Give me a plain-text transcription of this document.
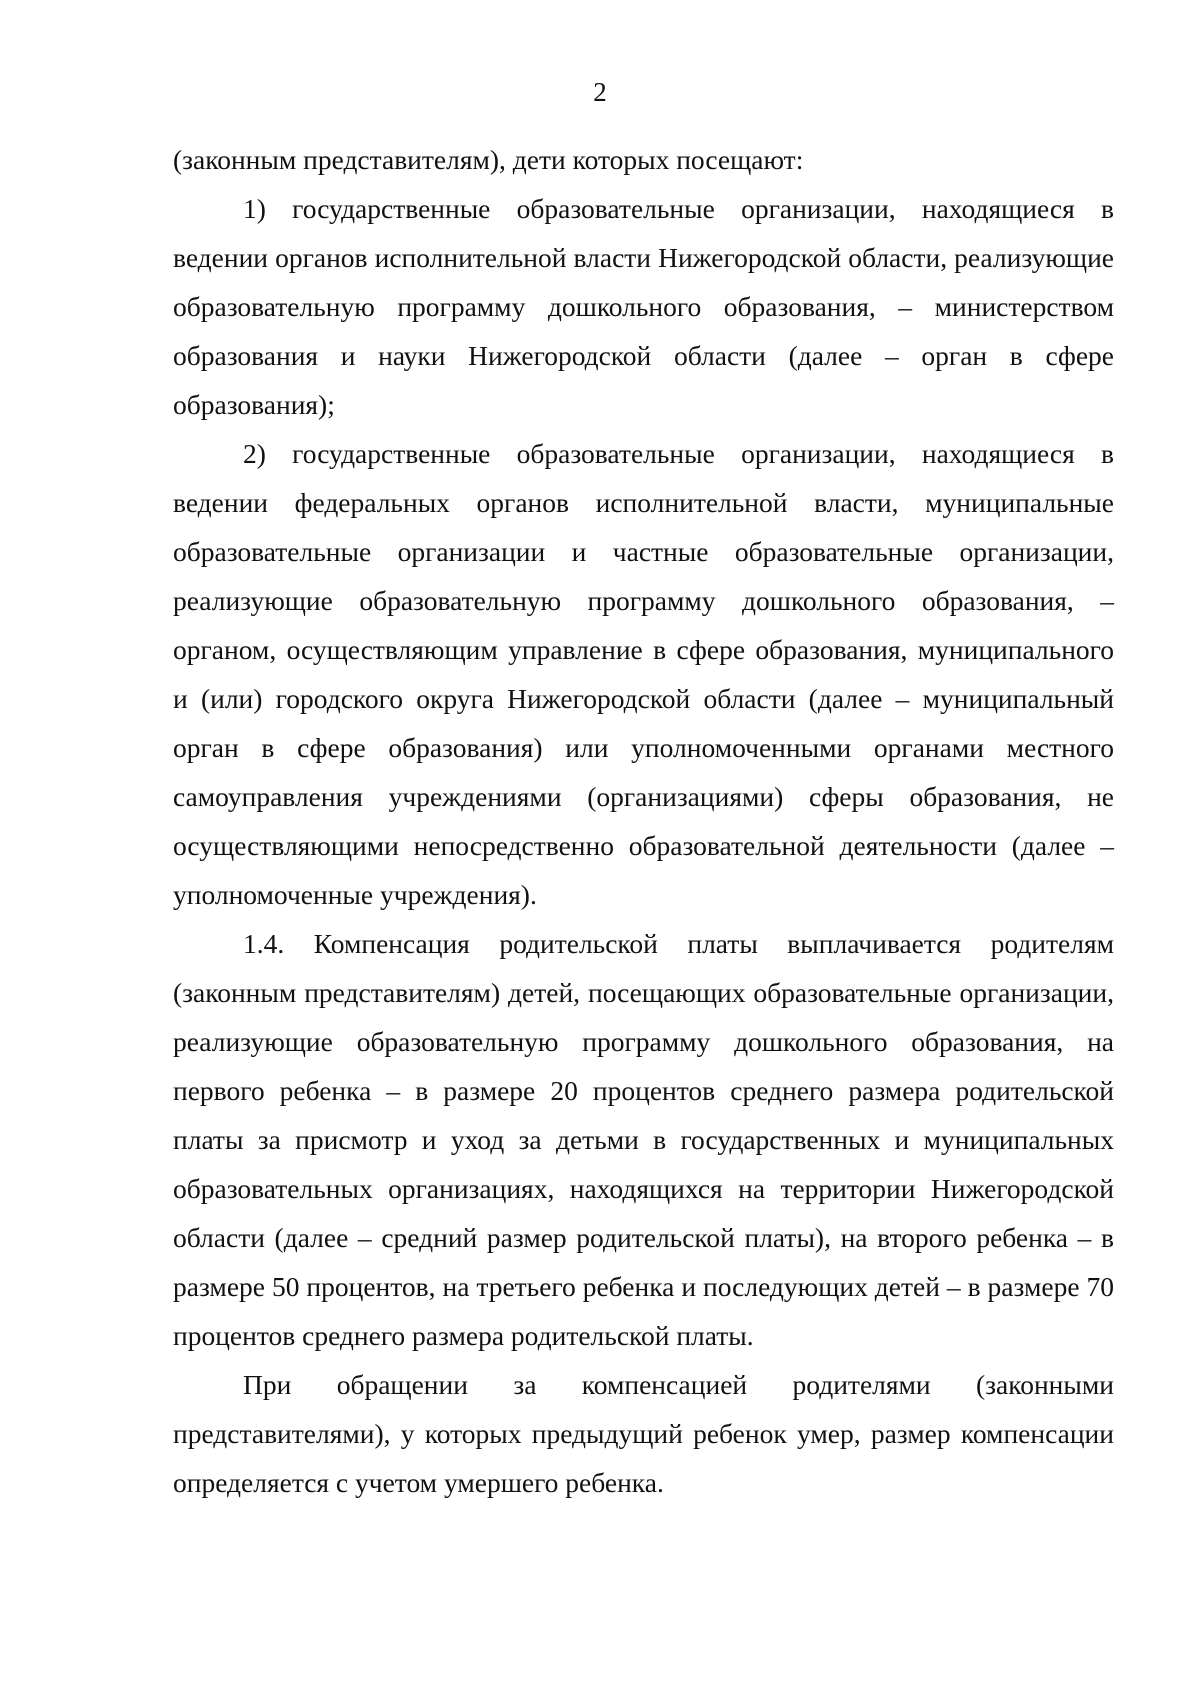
2

(законным представителям), дети которых посещают:

1) государственные образовательные организации, находящиеся в ведении органов исполнительной власти Нижегородской области, реализующие образовательную программу дошкольного образования, – министерством образования и науки Нижегородской области (далее – орган в сфере образования);

2) государственные образовательные организации, находящиеся в ведении федеральных органов исполнительной власти, муниципальные образовательные организации и частные образовательные организации, реализующие образовательную программу дошкольного образования, – органом, осуществляющим управление в сфере образования, муниципального и (или) городского округа Нижегородской области (далее – муниципальный орган в сфере образования) или уполномоченными органами местного самоуправления учреждениями (организациями) сферы образования, не осуществляющими непосредственно образовательной деятельности (далее – уполномоченные учреждения).

1.4. Компенсация родительской платы выплачивается родителям (законным представителям) детей, посещающих образовательные организации, реализующие образовательную программу дошкольного образования, на первого ребенка – в размере 20 процентов среднего размера родительской платы за присмотр и уход за детьми в государственных и муниципальных образовательных организациях, находящихся на территории Нижегородской области (далее – средний размер родительской платы), на второго ребенка – в размере 50 процентов, на третьего ребенка и последующих детей – в размере 70 процентов среднего размера родительской платы.

При обращении за компенсацией родителями (законными представителями), у которых предыдущий ребенок умер, размер компенсации определяется с учетом умершего ребенка.
